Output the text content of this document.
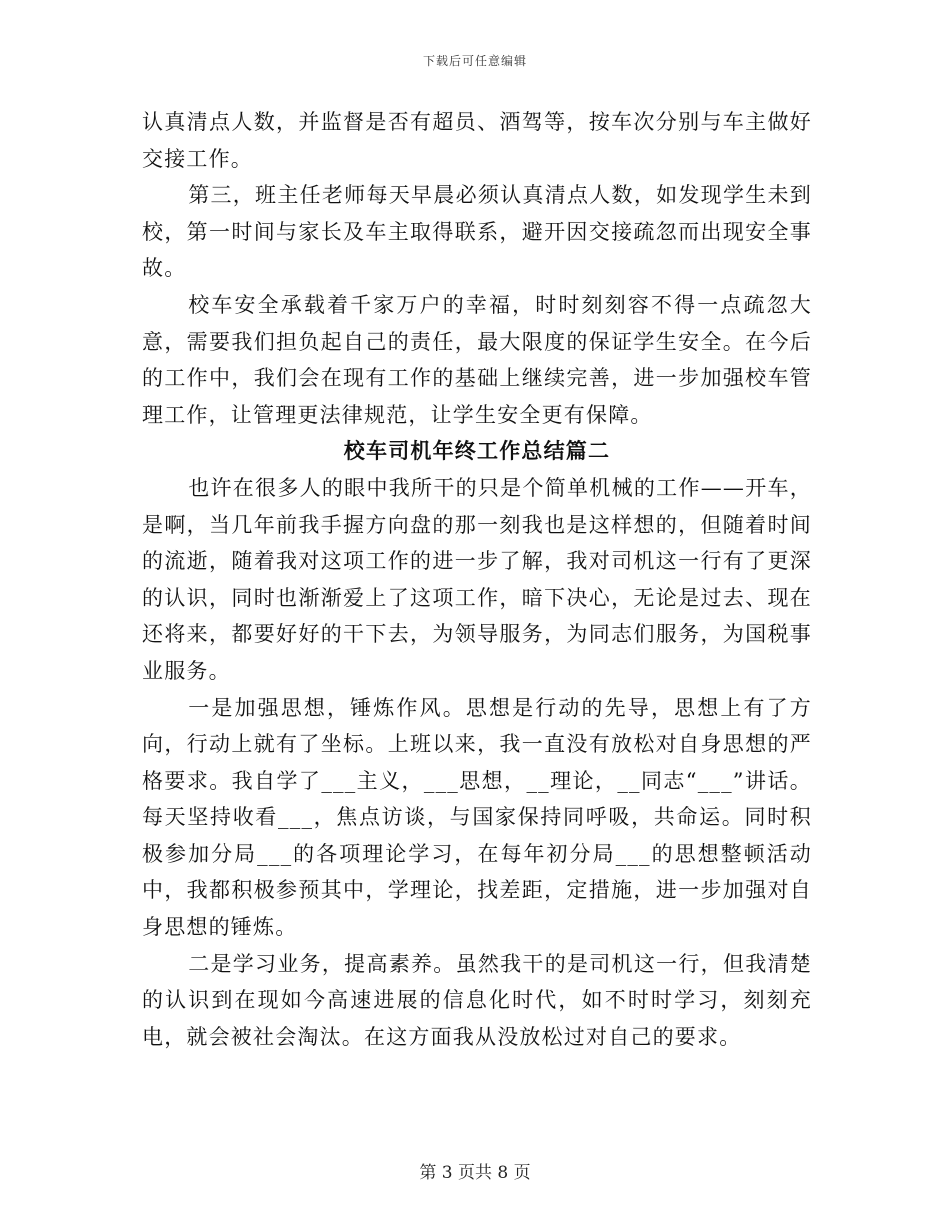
下载后可任意编辑

认真清点人数，并监督是否有超员、酒驾等，按车次分别与车主做好交接工作。

第三，班主任老师每天早晨必须认真清点人数，如发现学生未到校，第一时间与家长及车主取得联系，避开因交接疏忽而出现安全事故。

校车安全承载着千家万户的幸福，时时刻刻容不得一点疏忽大意，需要我们担负起自己的责任，最大限度的保证学生安全。在今后的工作中，我们会在现有工作的基础上继续完善，进一步加强校车管理工作，让管理更法律规范，让学生安全更有保障。

校车司机年终工作总结篇二

也许在很多人的眼中我所干的只是个简单机械的工作——开车，是啊，当几年前我手握方向盘的那一刻我也是这样想的，但随着时间的流逝，随着我对这项工作的进一步了解，我对司机这一行有了更深的认识，同时也渐渐爱上了这项工作，暗下决心，无论是过去、现在还将来，都要好好的干下去，为领导服务，为同志们服务，为国税事业服务。

一是加强思想，锤炼作风。思想是行动的先导，思想上有了方向，行动上就有了坐标。上班以来，我一直没有放松对自身思想的严格要求。我自学了___主义，___思想，__理论，__同志“___”讲话。每天坚持收看___，焦点访谈，与国家保持同呼吸，共命运。同时积极参加分局___的各项理论学习，在每年初分局___的思想整顿活动中，我都积极参预其中，学理论，找差距，定措施，进一步加强对自身思想的锤炼。

二是学习业务，提高素养。虽然我干的是司机这一行，但我清楚的认识到在现如今高速进展的信息化时代，如不时时学习，刻刻充电，就会被社会淘汰。在这方面我从没放松过对自己的要求。

第 3 页共 8 页
